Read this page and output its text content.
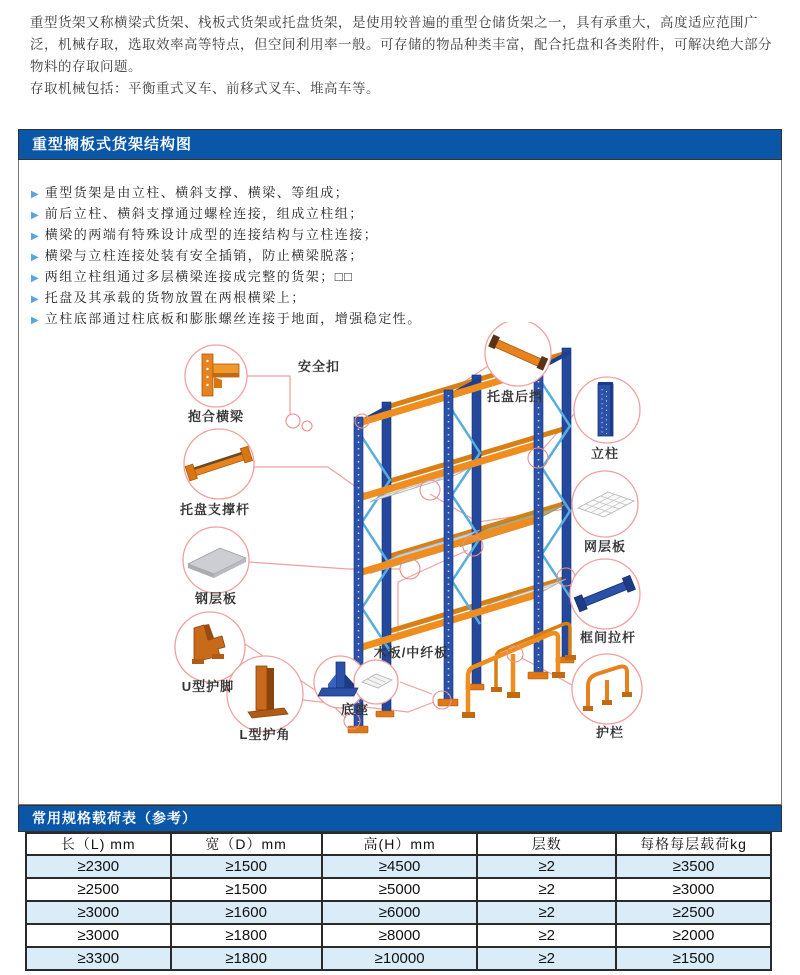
重型货架又称横梁式货架、栈板式货架或托盘货架，是使用较普遍的重型仓储货架之一，具有承重大，高度适应范围广泛，机械存取，选取效率高等特点，但空间利用率一般。可存储的物品种类丰富，配合托盘和各类附件，可解决绝大部分物料的存取问题。

存取机械包括：平衡重式叉车、前移式叉车、堆高车等。

重型搁板式货架结构图
▶ 重型货架是由立柱、横斜支撑、横梁、等组成；
▶ 前后立柱、横斜支撑通过螺栓连接，组成立柱组；
▶ 横梁的两端有特殊设计成型的连接结构与立柱连接；
▶ 横梁与立柱连接处装有安全插销，防止横梁脱落；
▶ 两组立柱组通过多层横梁连接成完整的货架；□□
▶ 托盘及其承载的货物放置在两根横梁上；
▶ 立柱底部通过柱底板和膨胀螺丝连接于地面，增强稳定性。
抱合横梁
托盘支撑杆
钢层板
U型护脚
L型护角
安全扣
木板/中纤板
底座
托盘后挡
立柱
网层板
框间拉杆
护栏
常用规格载荷表（参考）
长（L) mm	宽（D）mm	高(H）mm	层数	每格每层载荷kg
≥2300	≥1500	≥4500	≥2	≥3500
≥2500	≥1500	≥5000	≥2	≥3000
≥3000	≥1600	≥6000	≥2	≥2500
≥3000	≥1800	≥8000	≥2	≥2000
≥3300	≥1800	≥10000	≥2	≥1500
